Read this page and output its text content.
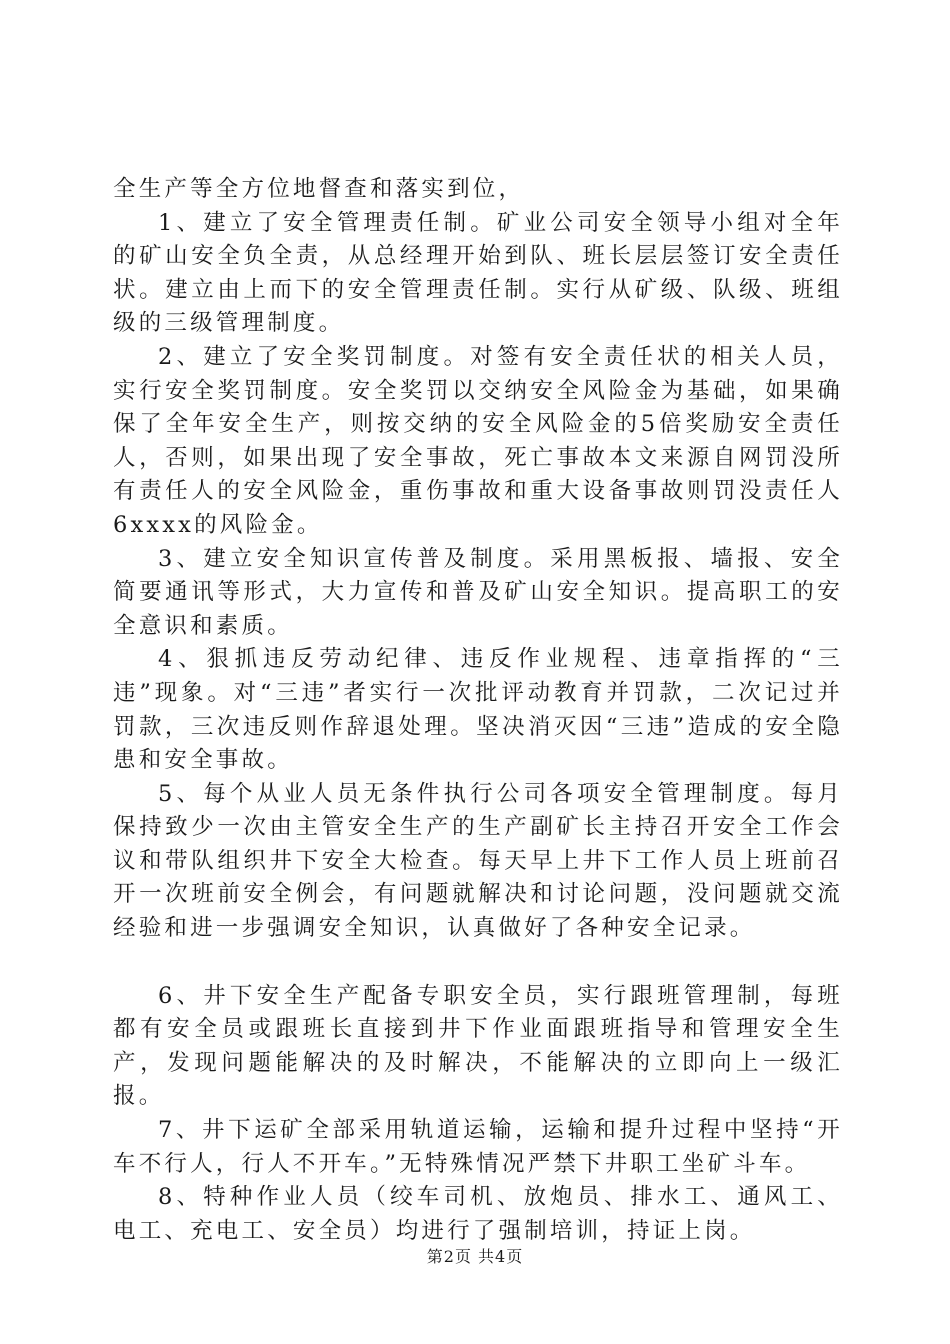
全生产等全方位地督查和落实到位，

1、建立了安全管理责任制。矿业公司安全领导小组对全年的矿山安全负全责，从总经理开始到队、班长层层签订安全责任状。建立由上而下的安全管理责任制。实行从矿级、队级、班组级的三级管理制度。

2、建立了安全奖罚制度。对签有安全责任状的相关人员，实行安全奖罚制度。安全奖罚以交纳安全风险金为基础，如果确保了全年安全生产，则按交纳的安全风险金的5倍奖励安全责任人，否则，如果出现了安全事故，死亡事故本文来源自网罚没所有责任人的安全风险金，重伤事故和重大设备事故则罚没责任人6xxxx的风险金。

3、建立安全知识宣传普及制度。采用黑板报、墙报、安全简要通讯等形式，大力宣传和普及矿山安全知识。提高职工的安全意识和素质。

4、狠抓违反劳动纪律、违反作业规程、违章指挥的“三违”现象。对“三违”者实行一次批评动教育并罚款，二次记过并罚款，三次违反则作辞退处理。坚决消灭因“三违”造成的安全隐患和安全事故。

5、每个从业人员无条件执行公司各项安全管理制度。每月保持致少一次由主管安全生产的生产副矿长主持召开安全工作会议和带队组织井下安全大检查。每天早上井下工作人员上班前召开一次班前安全例会，有问题就解决和讨论问题，没问题就交流经验和进一步强调安全知识，认真做好了各种安全记录。

6、井下安全生产配备专职安全员，实行跟班管理制，每班都有安全员或跟班长直接到井下作业面跟班指导和管理安全生产，发现问题能解决的及时解决，不能解决的立即向上一级汇报。

7、井下运矿全部采用轨道运输，运输和提升过程中坚持“开车不行人，行人不开车。”无特殊情况严禁下井职工坐矿斗车。

8、特种作业人员（绞车司机、放炮员、排水工、通风工、电工、充电工、安全员）均进行了强制培训，持证上岗。

第2页 共4页
